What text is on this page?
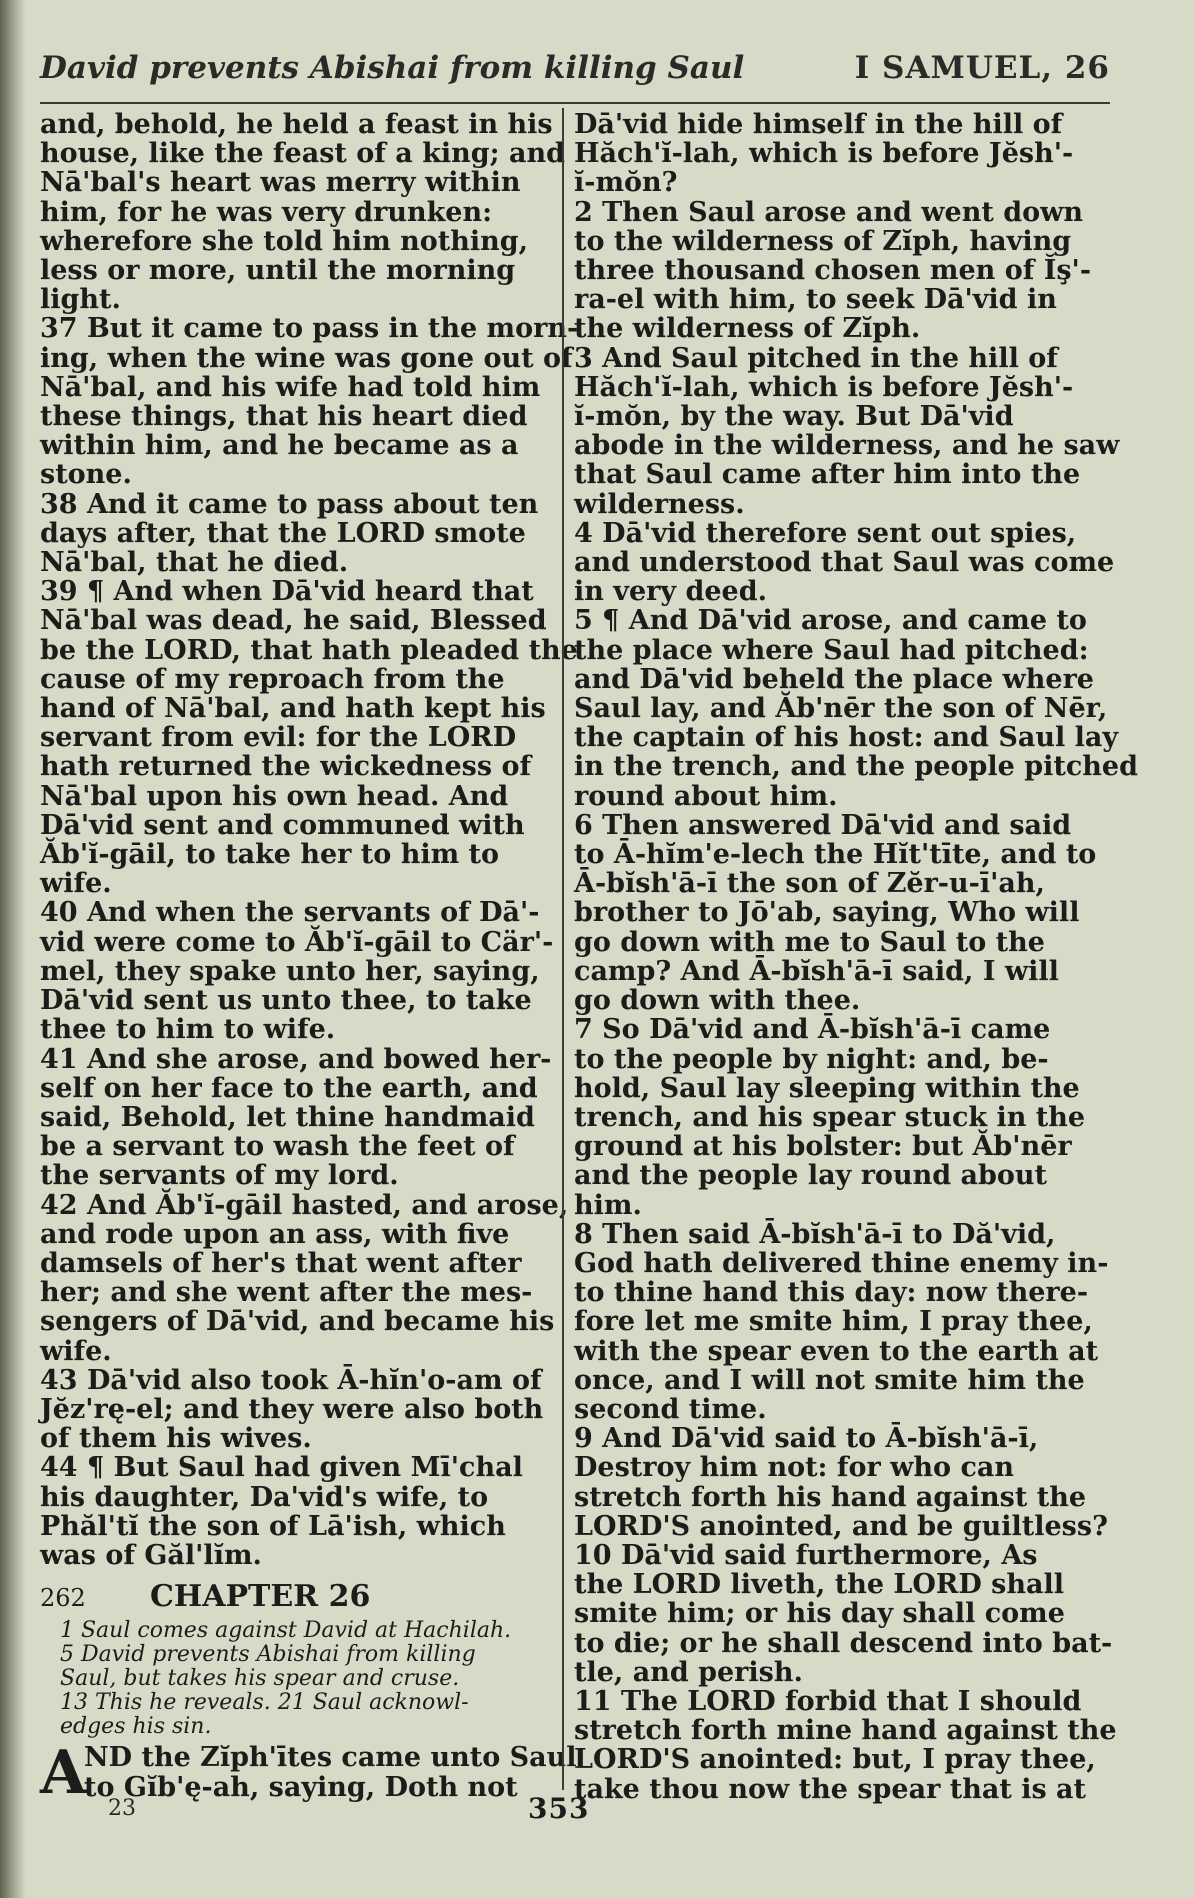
David prevents Abishai from killing Saul	I SAMUEL, 26
and, behold, he held a feast in his
house, like the feast of a king; and
Nā'bal's heart was merry within
him, for he was very drunken:
wherefore she told him nothing,
less or more, until the morning
light.
37 But it came to pass in the morn-
ing, when the wine was gone out of
Nā'bal, and his wife had told him
these things, that his heart died
within him, and he became as a
stone.
38 And it came to pass about ten
days after, that the LORD smote
Nā'bal, that he died.
39 ¶ And when Dā'vid heard that
Nā'bal was dead, he said, Blessed
be the LORD, that hath pleaded the
cause of my reproach from the
hand of Nā'bal, and hath kept his
servant from evil: for the LORD
hath returned the wickedness of
Nā'bal upon his own head. And
Dā'vid sent and communed with
Ăb'ĭ-gāil, to take her to him to
wife.
40 And when the servants of Dā'-
vid were come to Ăb'ĭ-gāil to Cär'-
mel, they spake unto her, saying,
Dā'vid sent us unto thee, to take
thee to him to wife.
41 And she arose, and bowed her-
self on her face to the earth, and
said, Behold, let thine handmaid
be a servant to wash the feet of
the servants of my lord.
42 And Ăb'ĭ-gāil hasted, and arose,
and rode upon an ass, with five
damsels of her's that went after
her; and she went after the mes-
sengers of Dā'vid, and became his
wife.
43 Dā'vid also took Ā-hĭn'o-am of
Jĕz'rę-el; and they were also both
of them his wives.
44 ¶ But Saul had given Mī'chal
his daughter, Da'vid's wife, to
Phăl'tĭ the son of Lā'ish, which
was of Găl'lĭm.
262	CHAPTER 26
1 Saul comes against David at Hachilah.
5 David prevents Abishai from killing
Saul, but takes his spear and cruse.
13 This he reveals. 21 Saul acknowl-
edges his sin.
A
ND the Zĭph'ītes came unto Saul
to Gĭb'ę-ah, saying, Doth not
Dā'vid hide himself in the hill of
Hăch'ĭ-lah, which is before Jĕsh'-
ĭ-mŏn?
2 Then Saul arose and went down
to the wilderness of Zĭph, having
three thousand chosen men of Ĭş'-
ra-el with him, to seek Dā'vid in
the wilderness of Zĭph.
3 And Saul pitched in the hill of
Hăch'ĭ-lah, which is before Jĕsh'-
ĭ-mŏn, by the way. But Dā'vid
abode in the wilderness, and he saw
that Saul came after him into the
wilderness.
4 Dā'vid therefore sent out spies,
and understood that Saul was come
in very deed.
5 ¶ And Dā'vid arose, and came to
the place where Saul had pitched:
and Dā'vid beheld the place where
Saul lay, and Ăb'nēr the son of Nēr,
the captain of his host: and Saul lay
in the trench, and the people pitched
round about him.
6 Then answered Dā'vid and said
to Ā-hĭm'e-lech the Hĭt'tīte, and to
Ā-bĭsh'ā-ī the son of Zĕr-u-ī'ah,
brother to Jō'ab, saying, Who will
go down with me to Saul to the
camp? And Ā-bĭsh'ā-ī said, I will
go down with thee.
7 So Dā'vid and Ā-bĭsh'ā-ī came
to the people by night: and, be-
hold, Saul lay sleeping within the
trench, and his spear stuck in the
ground at his bolster: but Ăb'nēr
and the people lay round about
him.
8 Then said Ā-bĭsh'ā-ī to Dă'vid,
God hath delivered thine enemy in-
to thine hand this day: now there-
fore let me smite him, I pray thee,
with the spear even to the earth at
once, and I will not smite him the
second time.
9 And Dā'vid said to Ā-bĭsh'ā-ī,
Destroy him not: for who can
stretch forth his hand against the
LORD'S anointed, and be guiltless?
10 Dā'vid said furthermore, As
the LORD liveth, the LORD shall
smite him; or his day shall come
to die; or he shall descend into bat-
tle, and perish.
11 The LORD forbid that I should
stretch forth mine hand against the
LORD'S anointed: but, I pray thee,
take thou now the spear that is at
23	353
